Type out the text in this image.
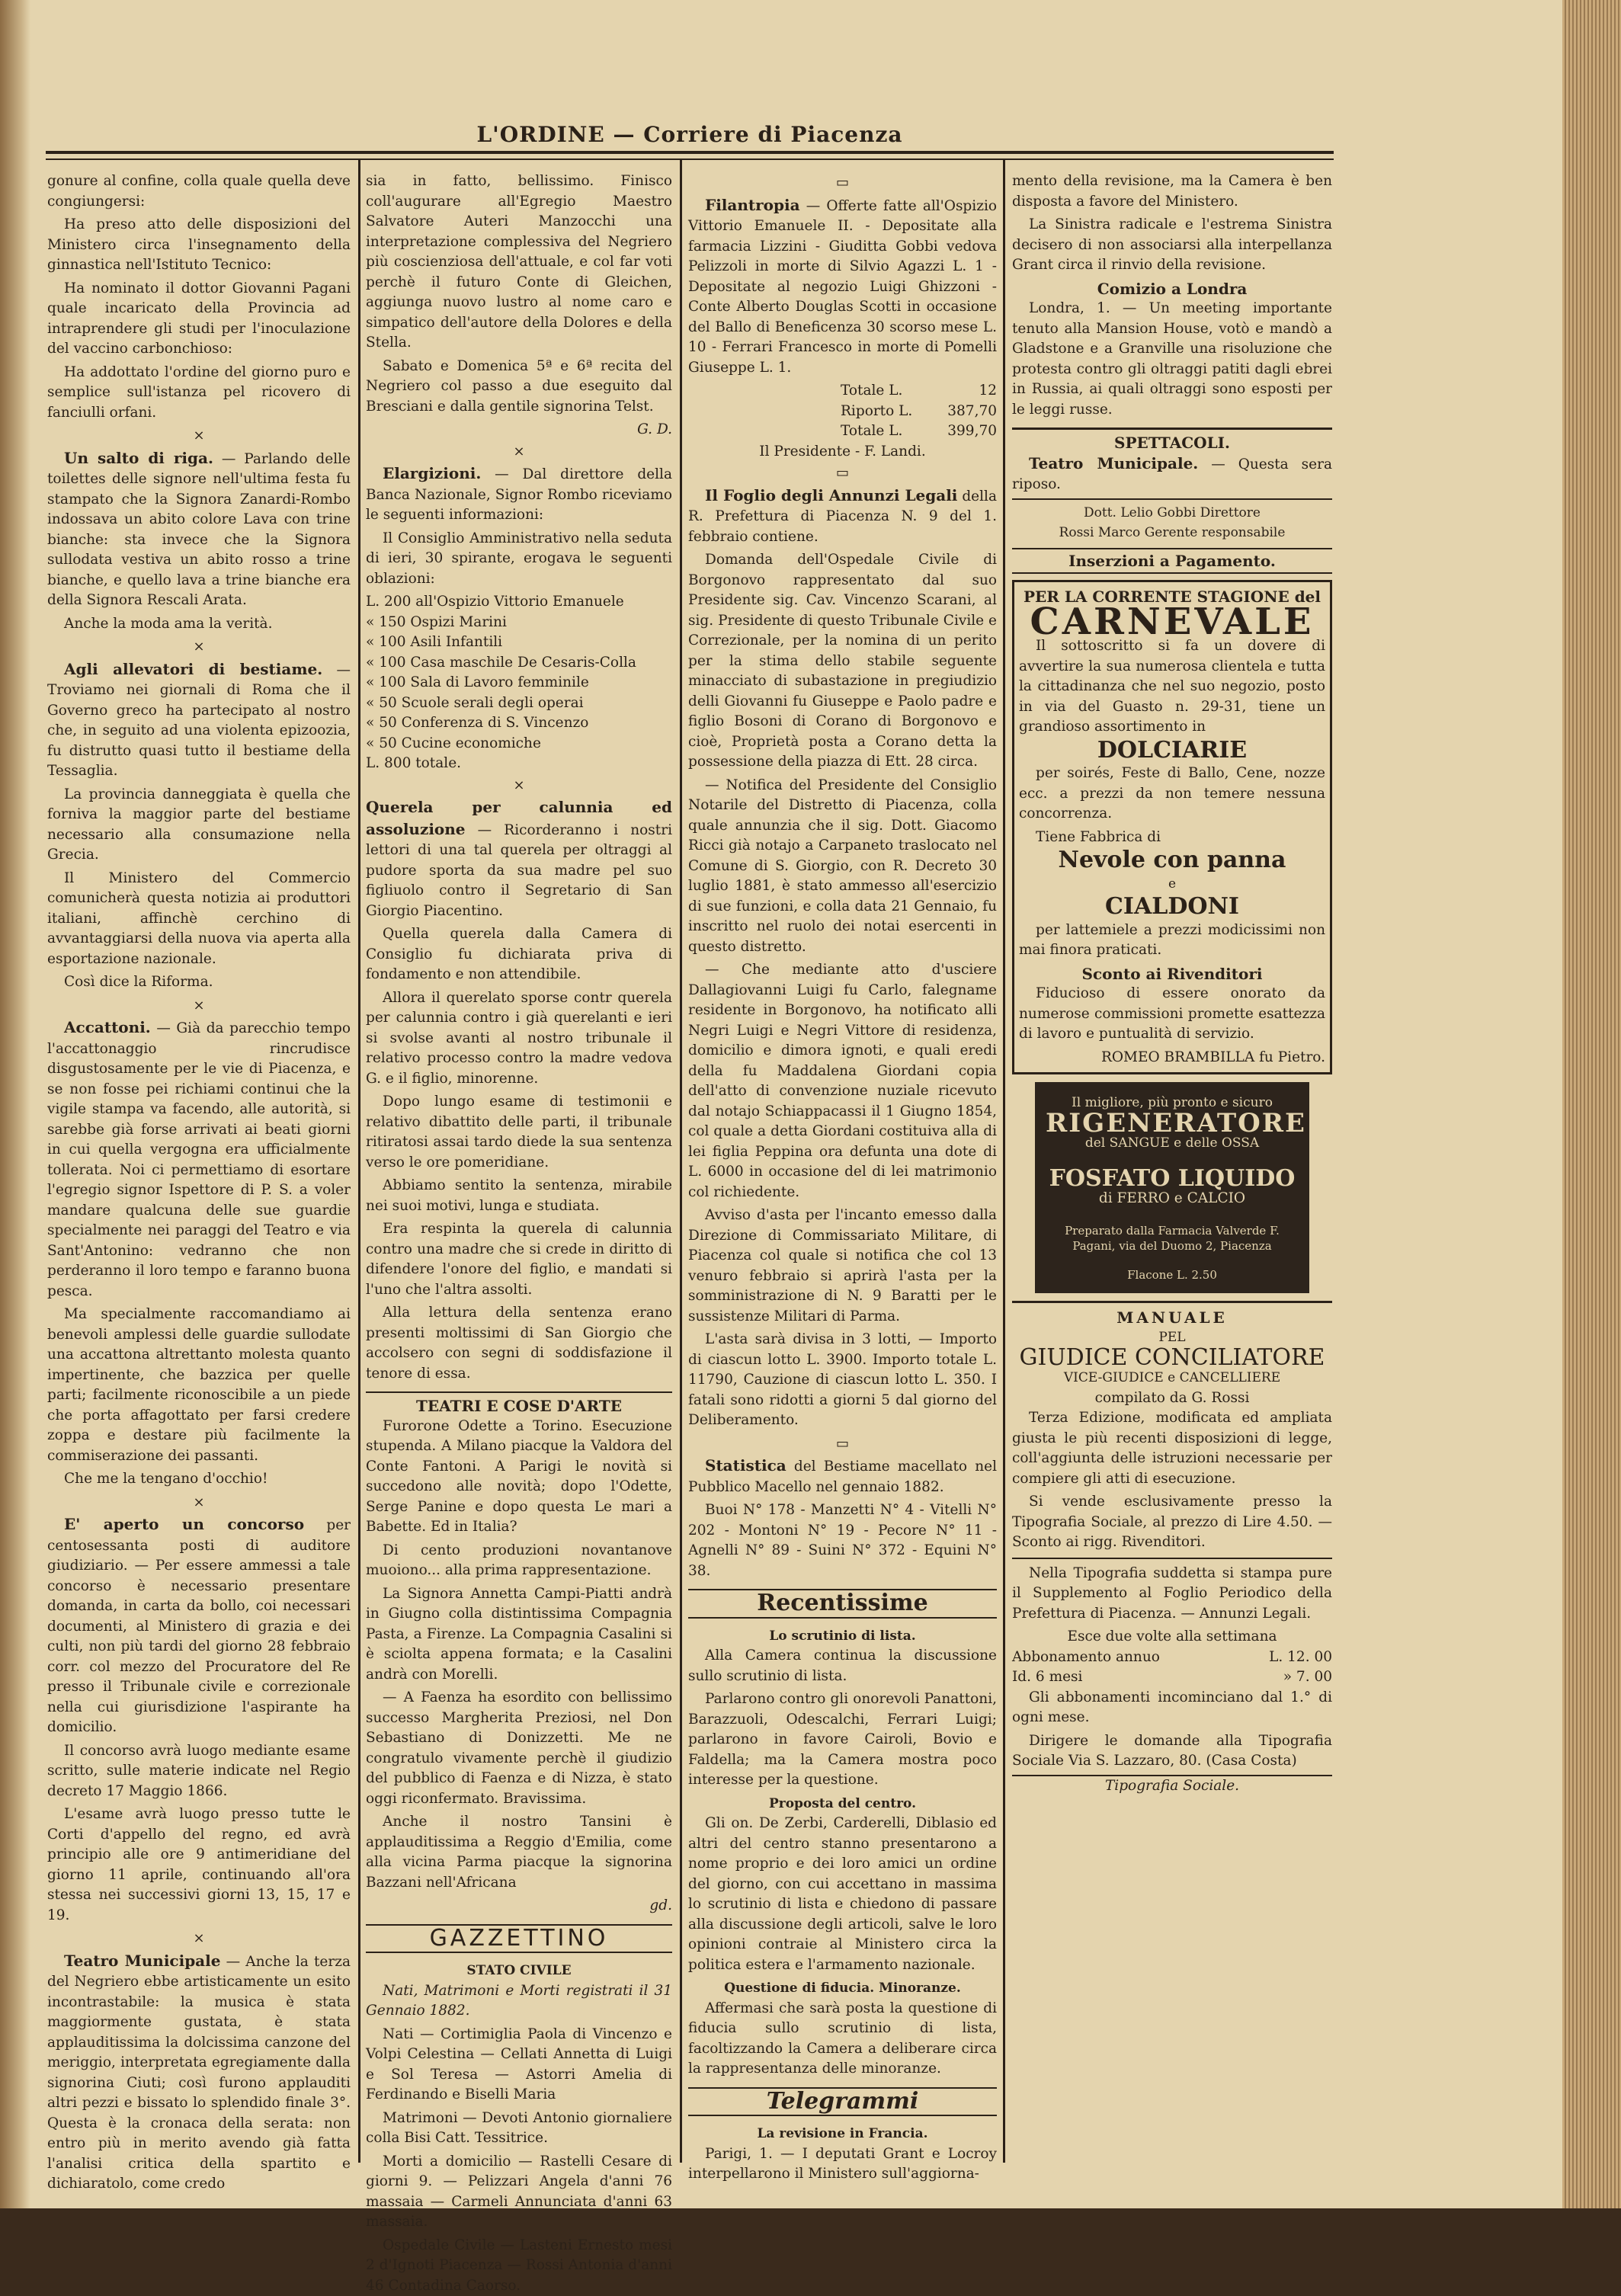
L'ORDINE — Corriere di Piacenza

gonure al confine, colla quale quella deve congiungersi:

Ha preso atto delle disposizioni del Ministero circa l'insegnamento della ginnastica nell'Istituto Tecnico:

Ha nominato il dottor Giovanni Pagani quale incaricato della Provincia ad intraprendere gli studi per l'inoculazione del vaccino carbonchioso:

Ha addottato l'ordine del giorno puro e semplice sull'istanza pel ricovero di fanciulli orfani.

×

Un salto di riga. — Parlando delle toilettes delle signore nell'ultima festa fu stampato che la Signora Zanardi-Rombo indossava un abito colore Lava con trine bianche: sta invece che la Signora sullodata vestiva un abito rosso a trine bianche, e quello lava a trine bianche era della Signora Rescali Arata.

Anche la moda ama la verità.

×

Agli allevatori di bestiame. — Troviamo nei giornali di Roma che il Governo greco ha partecipato al nostro che, in seguito ad una violenta epizoozia, fu distrutto quasi tutto il bestiame della Tessaglia.

La provincia danneggiata è quella che forniva la maggior parte del bestiame necessario alla consumazione nella Grecia.

Il Ministero del Commercio comunicherà questa notizia ai produttori italiani, affinchè cerchino di avvantaggiarsi della nuova via aperta alla esportazione nazionale.

Così dice la Riforma.

×

Accattoni. — Già da parecchio tempo l'accattonaggio rincrudisce disgustosamente per le vie di Piacenza, e se non fosse pei richiami continui che la vigile stampa va facendo, alle autorità, si sarebbe già forse arrivati ai beati giorni in cui quella vergogna era ufficialmente tollerata. Noi ci permettiamo di esortare l'egregio signor Ispettore di P. S. a voler mandare qualcuna delle sue guardie specialmente nei paraggi del Teatro e via Sant'Antonino: vedranno che non perderanno il loro tempo e faranno buona pesca.

Ma specialmente raccomandiamo ai benevoli amplessi delle guardie sullodate una accattona altrettanto molesta quanto impertinente, che bazzica per quelle parti; facilmente riconoscibile a un piede che porta affagottato per farsi credere zoppa e destare più facilmente la commiserazione dei passanti.

Che me la tengano d'occhio!

×

E' aperto un concorso per centosessanta posti di auditore giudiziario. — Per essere ammessi a tale concorso è necessario presentare domanda, in carta da bollo, coi necessari documenti, al Ministero di grazia e dei culti, non più tardi del giorno 28 febbraio corr. col mezzo del Procuratore del Re presso il Tribunale civile e correzionale nella cui giurisdizione l'aspirante ha domicilio.

Il concorso avrà luogo mediante esame scritto, sulle materie indicate nel Regio decreto 17 Maggio 1866.

L'esame avrà luogo presso tutte le Corti d'appello del regno, ed avrà principio alle ore 9 antimeridiane del giorno 11 aprile, continuando all'ora stessa nei successivi giorni 13, 15, 17 e 19.

×

Teatro Municipale — Anche la terza del Negriero ebbe artisticamente un esito incontrastabile: la musica è stata maggiormente gustata, è stata applauditissima la dolcissima canzone del meriggio, interpretata egregiamente dalla signorina Ciuti; così furono applauditi altri pezzi e bissato lo splendido finale 3°. Questa è la cronaca della serata: non entro più in merito avendo già fatta l'analisi critica della spartito e dichiaratolo, come credo

sia in fatto, bellissimo. Finisco coll'augurare all'Egregio Maestro Salvatore Auteri Manzocchi una interpretazione complessiva del Negriero più coscienziosa dell'attuale, e col far voti perchè il futuro Conte di Gleichen, aggiunga nuovo lustro al nome caro e simpatico dell'autore della Dolores e della Stella.

Sabato e Domenica 5ª e 6ª recita del Negriero col passo a due eseguito dal Bresciani e dalla gentile signorina Telst.

G. D.
×

Elargizioni. — Dal direttore della Banca Nazionale, Signor Rombo riceviamo le seguenti informazioni:

Il Consiglio Amministrativo nella seduta di ieri, 30 spirante, erogava le seguenti oblazioni:

L. 200 all'Ospizio Vittorio Emanuele

« 150 Ospizi Marini

« 100 Asili Infantili

« 100 Casa maschile De Cesaris-Colla

« 100 Sala di Lavoro femminile

« 50 Scuole serali degli operai

« 50 Conferenza di S. Vincenzo

« 50 Cucine economiche

L. 800 totale.

×

Querela per calunnia ed assoluzione — Ricorderanno i nostri lettori di una tal querela per oltraggi al pudore sporta da sua madre pel suo figliuolo contro il Segretario di San Giorgio Piacentino.

Quella querela dalla Camera di Consiglio fu dichiarata priva di fondamento e non attendibile.

Allora il querelato sporse contr querela per calunnia contro i già querelanti e ieri si svolse avanti al nostro tribunale il relativo processo contro la madre vedova G. e il figlio, minorenne.

Dopo lungo esame di testimonii e relativo dibattito delle parti, il tribunale ritiratosi assai tardo diede la sua sentenza verso le ore pomeridiane.

Abbiamo sentito la sentenza, mirabile nei suoi motivi, lunga e studiata.

Era respinta la querela di calunnia contro una madre che si crede in diritto di difendere l'onore del figlio, e mandati si l'uno che l'altra assolti.

Alla lettura della sentenza erano presenti moltissimi di San Giorgio che accolsero con segni di soddisfazione il tenore di essa.

TEATRI E COSE D'ARTE

Furorone Odette a Torino. Esecuzione stupenda. A Milano piacque la Valdora del Conte Fantoni. A Parigi le novità si succedono alle novità; dopo l'Odette, Serge Panine e dopo questa Le mari a Babette. Ed in Italia?

Di cento produzioni novantanove muoiono... alla prima rappresentazione.

La Signora Annetta Campi-Piatti andrà in Giugno colla distintissima Compagnia Pasta, a Firenze. La Compagnia Casalini si è sciolta appena formata; e la Casalini andrà con Morelli.

— A Faenza ha esordito con bellissimo successo Margherita Preziosi, nel Don Sebastiano di Donizzetti. Me ne congratulo vivamente perchè il giudizio del pubblico di Faenza e di Nizza, è stato oggi riconfermato. Bravissima.

Anche il nostro Tansini è applauditissima a Reggio d'Emilia, come alla vicina Parma piacque la signorina Bazzani nell'Africana

gd.
GAZZETTINO
STATO CIVILE

Nati, Matrimoni e Morti registrati il 31 Gennaio 1882.

Nati — Cortimiglia Paola di Vincenzo e Volpi Celestina — Cellati Annetta di Luigi e Sol Teresa — Astorri Amelia di Ferdinando e Biselli Maria

Matrimoni — Devoti Antonio giornaliere colla Bisi Catt. Tessitrice.

Morti a domicilio — Rastelli Cesare di giorni 9. — Pelizzari Angela d'anni 76 massaia — Carmeli Annunciata d'anni 63 massaia.

Ospedale Civile — Lasteni Ernesto mesi 2 d'Ignoti Piacenza — Rossi Antonia d'anni 46 Contadina Caorso.

▭

Filantropia — Offerte fatte all'Ospizio Vittorio Emanuele II. - Depositate alla farmacia Lizzini - Giuditta Gobbi vedova Pelizzoli in morte di Silvio Agazzi L. 1 - Depositate al negozio Luigi Ghizzoni - Conte Alberto Douglas Scotti in occasione del Ballo di Beneficenza 30 scorso mese L. 10 - Ferrari Francesco in morte di Pomelli Giuseppe L. 1.

Totale L.	12
Riporto L. 387,70
Totale L.	399,70
Il Presidente - F. Landi.
▭

Il Foglio degli Annunzi Legali della R. Prefettura di Piacenza N. 9 del 1. febbraio contiene.

Domanda dell'Ospedale Civile di Borgonovo rappresentato dal suo Presidente sig. Cav. Vincenzo Scarani, al sig. Presidente di questo Tribunale Civile e Correzionale, per la nomina di un perito per la stima dello stabile seguente minacciato di subastazione in pregiudizio delli Giovanni fu Giuseppe e Paolo padre e figlio Bosoni di Corano di Borgonovo e cioè, Proprietà posta a Corano detta la possessione della piazza di Ett. 28 circa.

— Notifica del Presidente del Consiglio Notarile del Distretto di Piacenza, colla quale annunzia che il sig. Dott. Giacomo Ricci già notajo a Carpaneto traslocato nel Comune di S. Giorgio, con R. Decreto 30 luglio 1881, è stato ammesso all'esercizio di sue funzioni, e colla data 21 Gennaio, fu inscritto nel ruolo dei notai esercenti in questo distretto.

— Che mediante atto d'usciere Dallagiovanni Luigi fu Carlo, falegname residente in Borgonovo, ha notificato alli Negri Luigi e Negri Vittore di residenza, domicilio e dimora ignoti, e quali eredi della fu Maddalena Giordani copia dell'atto di convenzione nuziale ricevuto dal notajo Schiappacassi il 1 Giugno 1854, col quale a detta Giordani costituiva alla di lei figlia Peppina ora defunta una dote di L. 6000 in occasione del di lei matrimonio col richiedente.

Avviso d'asta per l'incanto emesso dalla Direzione di Commissariato Militare, di Piacenza col quale si notifica che col 13 venuro febbraio si aprirà l'asta per la somministrazione di N. 9 Baratti per le sussistenze Militari di Parma.

L'asta sarà divisa in 3 lotti, — Importo di ciascun lotto L. 3900. Importo totale L. 11790, Cauzione di ciascun lotto L. 350. I fatali sono ridotti a giorni 5 dal giorno del Deliberamento.

▭

Statistica del Bestiame macellato nel Pubblico Macello nel gennaio 1882.

Buoi N° 178 - Manzetti N° 4 - Vitelli N° 202 - Montoni N° 19 - Pecore N° 11 - Agnelli N° 89 - Suini N° 372 - Equini N° 38.

Recentissime
Lo scrutinio di lista.

Alla Camera continua la discussione sullo scrutinio di lista.

Parlarono contro gli onorevoli Panattoni, Barazzuoli, Odescalchi, Ferrari Luigi; parlarono in favore Cairoli, Bovio e Faldella; ma la Camera mostra poco interesse per la questione.

Proposta del centro.

Gli on. De Zerbi, Carderelli, Diblasio ed altri del centro stanno presentarono a nome proprio e dei loro amici un ordine del giorno, con cui accettano in massima lo scrutinio di lista e chiedono di passare alla discussione degli articoli, salve le loro opinioni contraie al Ministero circa la politica estera e l'armamento nazionale.

Questione di fiducia. Minoranze.

Affermasi che sarà posta la questione di fiducia sullo scrutinio di lista, facoltizzando la Camera a deliberare circa la rappresentanza delle minoranze.

Telegrammi
La revisione in Francia.

Parigi, 1. — I deputati Grant e Locroy interpellarono il Ministero sull'aggiorna-

mento della revisione, ma la Camera è ben disposta a favore del Ministero.

La Sinistra radicale e l'estrema Sinistra decisero di non associarsi alla interpellanza Grant circa il rinvio della revisione.

Comizio a Londra

Londra, 1. — Un meeting importante tenuto alla Mansion House, votò e mandò a Gladstone e a Granville una risoluzione che protesta contro gli oltraggi patiti dagli ebrei in Russia, ai quali oltraggi sono esposti per le leggi russe.

SPETTACOLI.

Teatro Municipale. — Questa sera riposo.

Dott. Lelio Gobbi Direttore
Rossi Marco Gerente responsabile
Inserzioni a Pagamento.
PER LA CORRENTE STAGIONE del
CARNEVALE

Il sottoscritto si fa un dovere di avvertire la sua numerosa clientela e tutta la cittadinanza che nel suo negozio, posto in via del Guasto n. 29-31, tiene un grandioso assortimento in

DOLCIARIE

per soirés, Feste di Ballo, Cene, nozze ecc. a prezzi da non temere nessuna concorrenza.

Tiene Fabbrica di

Nevole con panna
e
CIALDONI

per lattemiele a prezzi modicissimi non mai finora praticati.

Sconto ai Rivenditori

Fiducioso di essere onorato da numerose commissioni promette esattezza di lavoro e puntualità di servizio.

ROMEO BRAMBILLA fu Pietro.
Il migliore, più pronto e sicuro
RIGENERATORE
del SANGUE e delle OSSA
FOSFATO LIQUIDO
di FERRO e CALCIO
Preparato dalla Farmacia Valverde F. Pagani, via del Duomo 2, Piacenza
Flacone L. 2.50
MANUALE
PEL
GIUDICE CONCILIATORE
VICE-GIUDICE e CANCELLIERE
compilato da G. Rossi

Terza Edizione, modificata ed ampliata giusta le più recenti disposizioni di legge, coll'aggiunta delle istruzioni necessarie per compiere gli atti di esecuzione.

Si vende esclusivamente presso la Tipografia Sociale, al prezzo di Lire 4.50. — Sconto ai rigg. Rivenditori.

Nella Tipografia suddetta si stampa pure il Supplemento al Foglio Periodico della Prefettura di Piacenza. — Annunzi Legali.

Esce due volte alla settimana
Abbonamento annuo	L. 12. 00
Id. 6 mesi	» 7. 00

Gli abbonamenti incominciano dal 1.° di ogni mese.

Dirigere le domande alla Tipografia Sociale Via S. Lazzaro, 80. (Casa Costa)

Tipografia Sociale.
